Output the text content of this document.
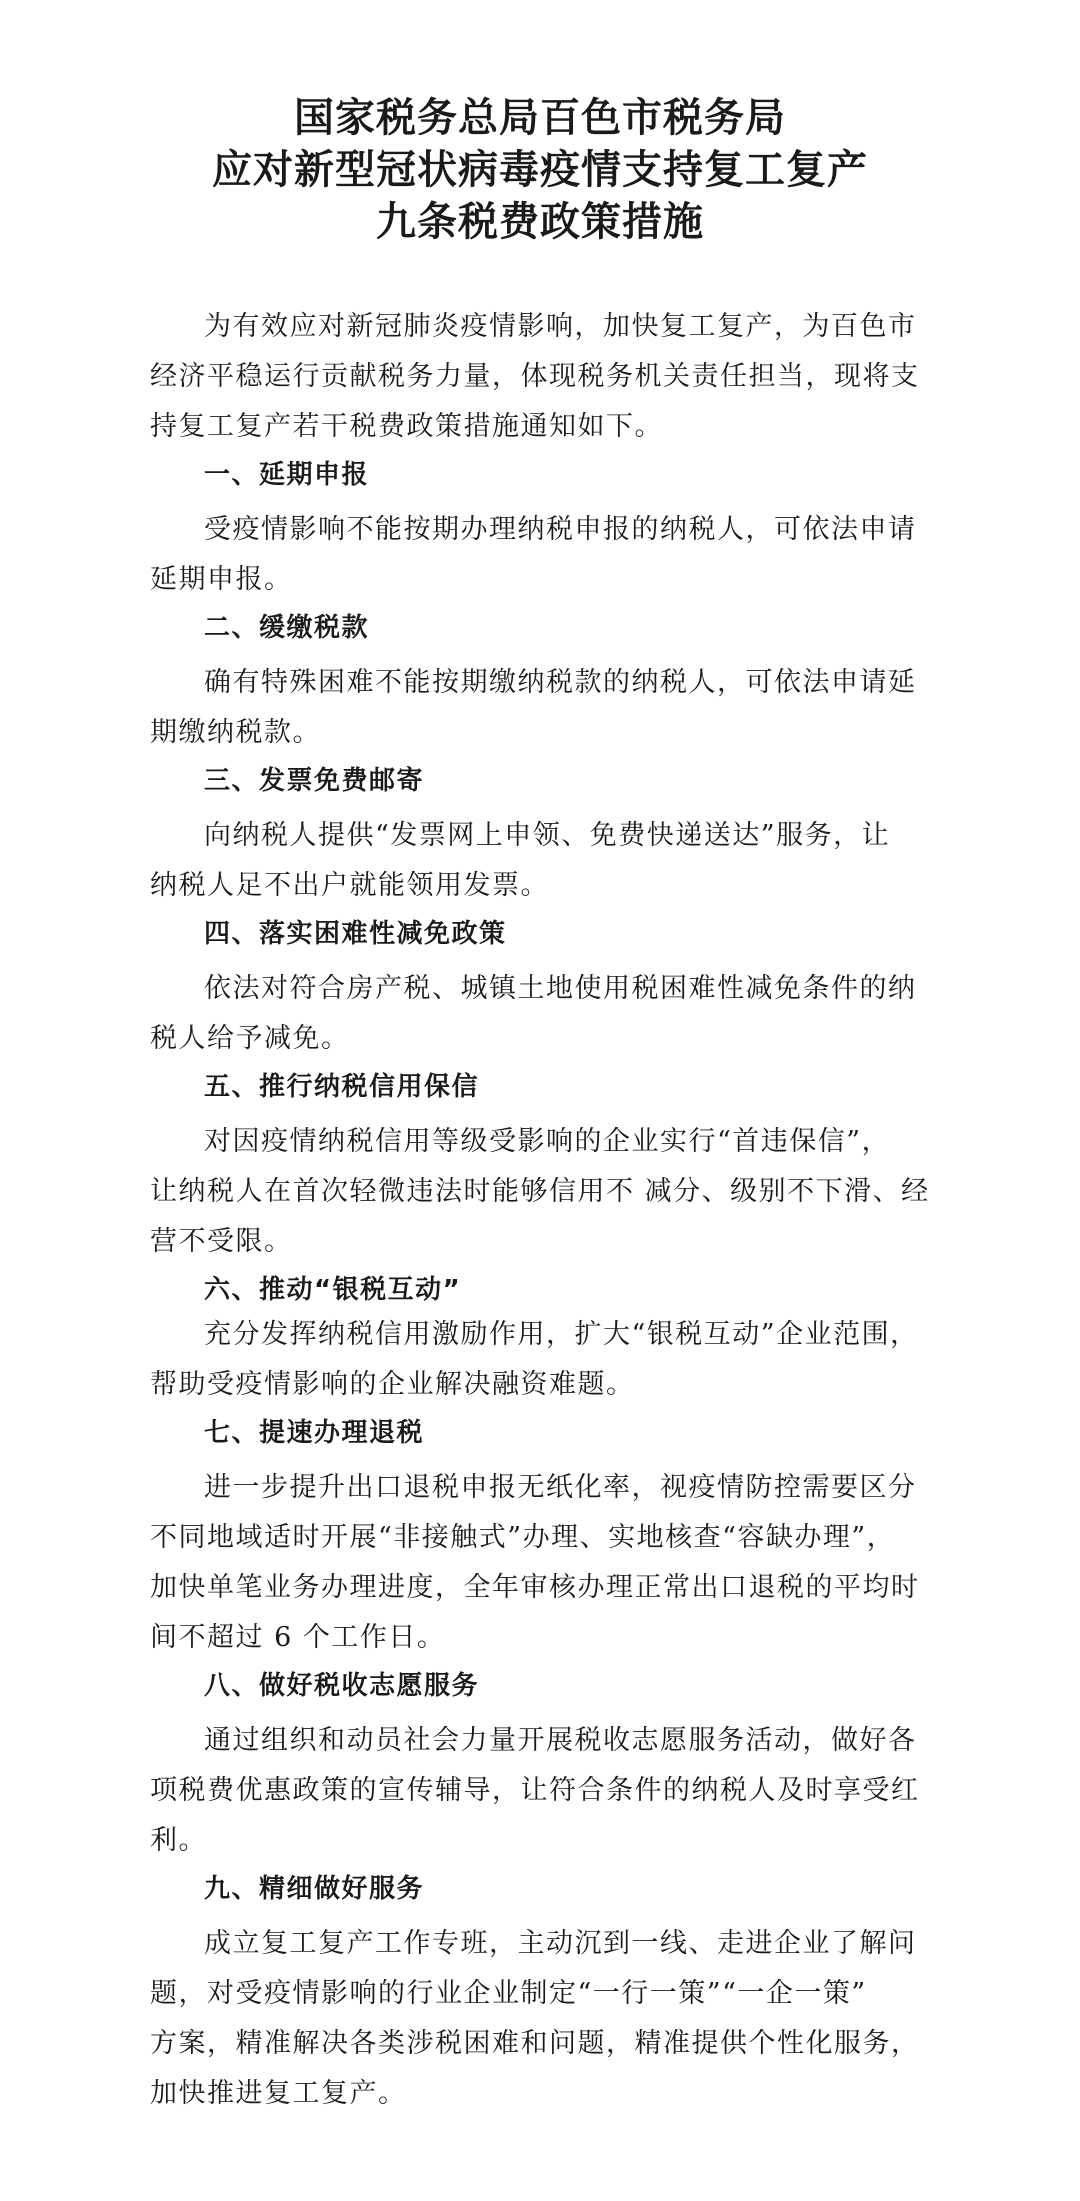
国家税务总局百色市税务局
应对新型冠状病毒疫情支持复工复产
九条税费政策措施
为有效应对新冠肺炎疫情影响，加快复工复产，为百色市
经济平稳运行贡献税务力量，体现税务机关责任担当，现将支
持复工复产若干税费政策措施通知如下。
一、延期申报
受疫情影响不能按期办理纳税申报的纳税人，可依法申请
延期申报。
二、缓缴税款
确有特殊困难不能按期缴纳税款的纳税人，可依法申请延
期缴纳税款。
三、发票免费邮寄
向纳税人提供“发票网上申领、免费快递送达”服务，让
纳税人足不出户就能领用发票。
四、落实困难性减免政策
依法对符合房产税、城镇土地使用税困难性减免条件的纳
税人给予减免。
五、推行纳税信用保信
对因疫情纳税信用等级受影响的企业实行“首违保信”，
让纳税人在首次轻微违法时能够信用不 减分、级别不下滑、经
营不受限。
六、推动“银税互动”
充分发挥纳税信用激励作用，扩大“银税互动”企业范围，
帮助受疫情影响的企业解决融资难题。
七、提速办理退税
进一步提升出口退税申报无纸化率，视疫情防控需要区分
不同地域适时开展“非接触式”办理、实地核查“容缺办理”，
加快单笔业务办理进度，全年审核办理正常出口退税的平均时
间不超过 6 个工作日。
八、做好税收志愿服务
通过组织和动员社会力量开展税收志愿服务活动，做好各
项税费优惠政策的宣传辅导，让符合条件的纳税人及时享受红
利。
九、精细做好服务
成立复工复产工作专班，主动沉到一线、走进企业了解问
题，对受疫情影响的行业企业制定“一行一策”“一企一策”
方案，精准解决各类涉税困难和问题，精准提供个性化服务，
加快推进复工复产。
